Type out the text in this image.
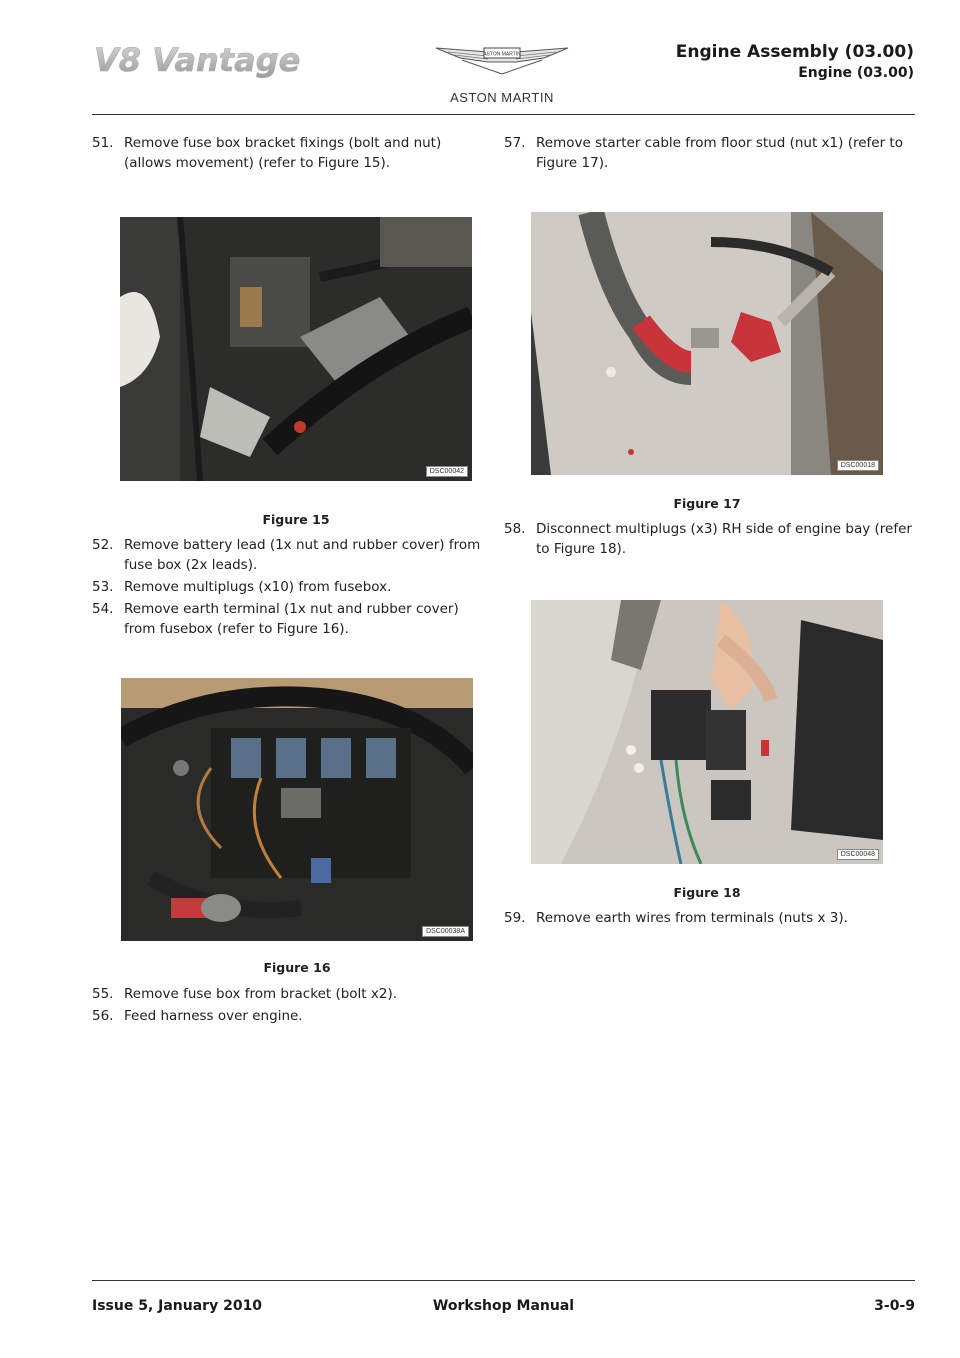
V8 Vantage	ASTON MARTIN
ASTON MARTIN
Engine Assembly (03.00)
Engine (03.00)
51. Remove fuse box bracket fixings (bolt and nut) (allows movement) (refer to Figure 15).
DSC00042
Figure 15
52. Remove battery lead (1x nut and rubber cover) from fuse box (2x leads).
53. Remove multiplugs (x10) from fusebox.
54. Remove earth terminal (1x nut and rubber cover) from fusebox (refer to Figure 16).
DSC00038A
Figure 16
55. Remove fuse box from bracket (bolt x2).
56. Feed harness over engine.
57. Remove starter cable from floor stud (nut x1) (refer to Figure 17).
DSC00018
Figure 17
58. Disconnect multiplugs (x3) RH side of engine bay (refer to Figure 18).
DSC00048
Figure 18
59. Remove earth wires from terminals (nuts x 3).
Issue 5, January 2010	Workshop Manual	3-0-9
